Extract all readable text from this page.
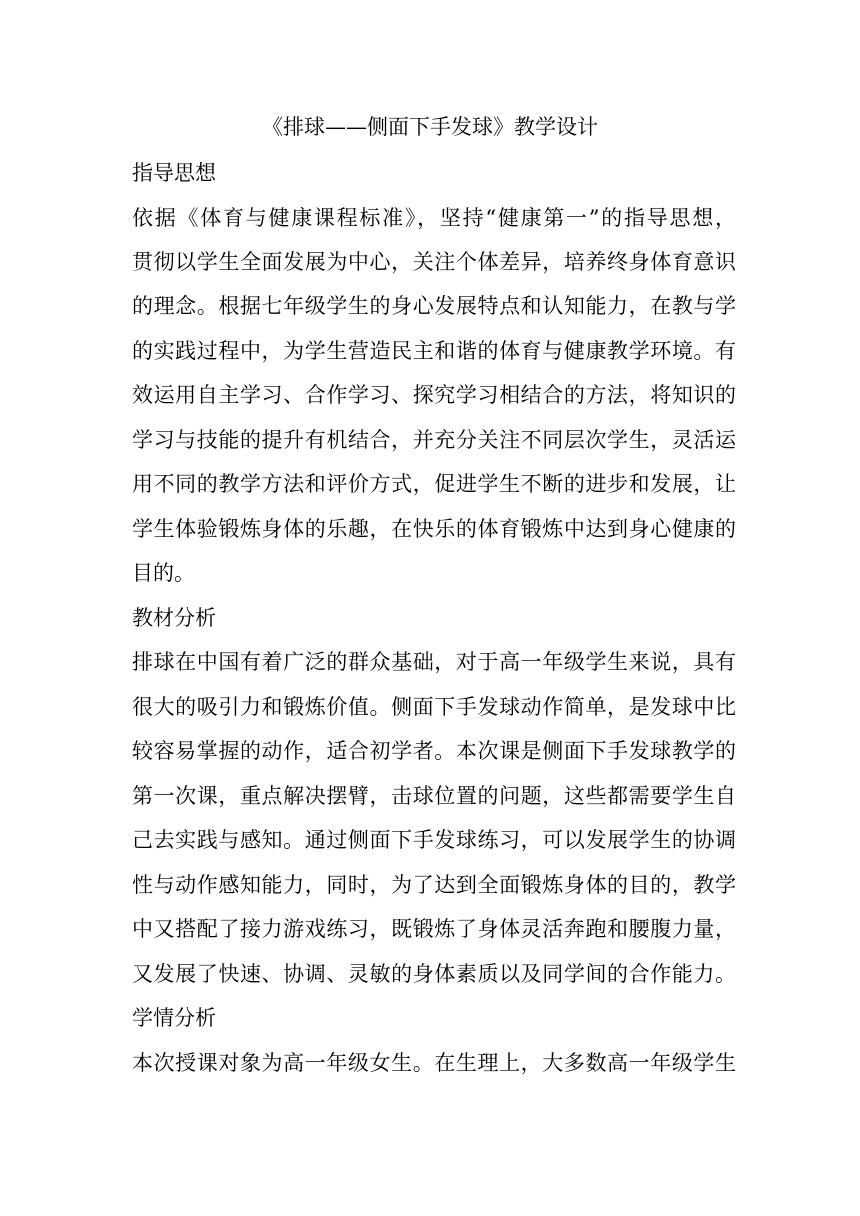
《排球——侧面下手发球》教学设计
指导思想
依据《体育与健康课程标准》，坚持“健康第一”的指导思想，
贯彻以学生全面发展为中心，关注个体差异，培养终身体育意识
的理念。根据七年级学生的身心发展特点和认知能力，在教与学
的实践过程中，为学生营造民主和谐的体育与健康教学环境。有
效运用自主学习、合作学习、探究学习相结合的方法，将知识的
学习与技能的提升有机结合，并充分关注不同层次学生，灵活运
用不同的教学方法和评价方式，促进学生不断的进步和发展，让
学生体验锻炼身体的乐趣，在快乐的体育锻炼中达到身心健康的
目的。
教材分析
排球在中国有着广泛的群众基础，对于高一年级学生来说，具有
很大的吸引力和锻炼价值。侧面下手发球动作简单，是发球中比
较容易掌握的动作，适合初学者。本次课是侧面下手发球教学的
第一次课，重点解决摆臂，击球位置的问题，这些都需要学生自
己去实践与感知。通过侧面下手发球练习，可以发展学生的协调
性与动作感知能力，同时，为了达到全面锻炼身体的目的，教学
中又搭配了接力游戏练习，既锻炼了身体灵活奔跑和腰腹力量，
又发展了快速、协调、灵敏的身体素质以及同学间的合作能力。
学情分析
本次授课对象为高一年级女生。在生理上，大多数高一年级学生
